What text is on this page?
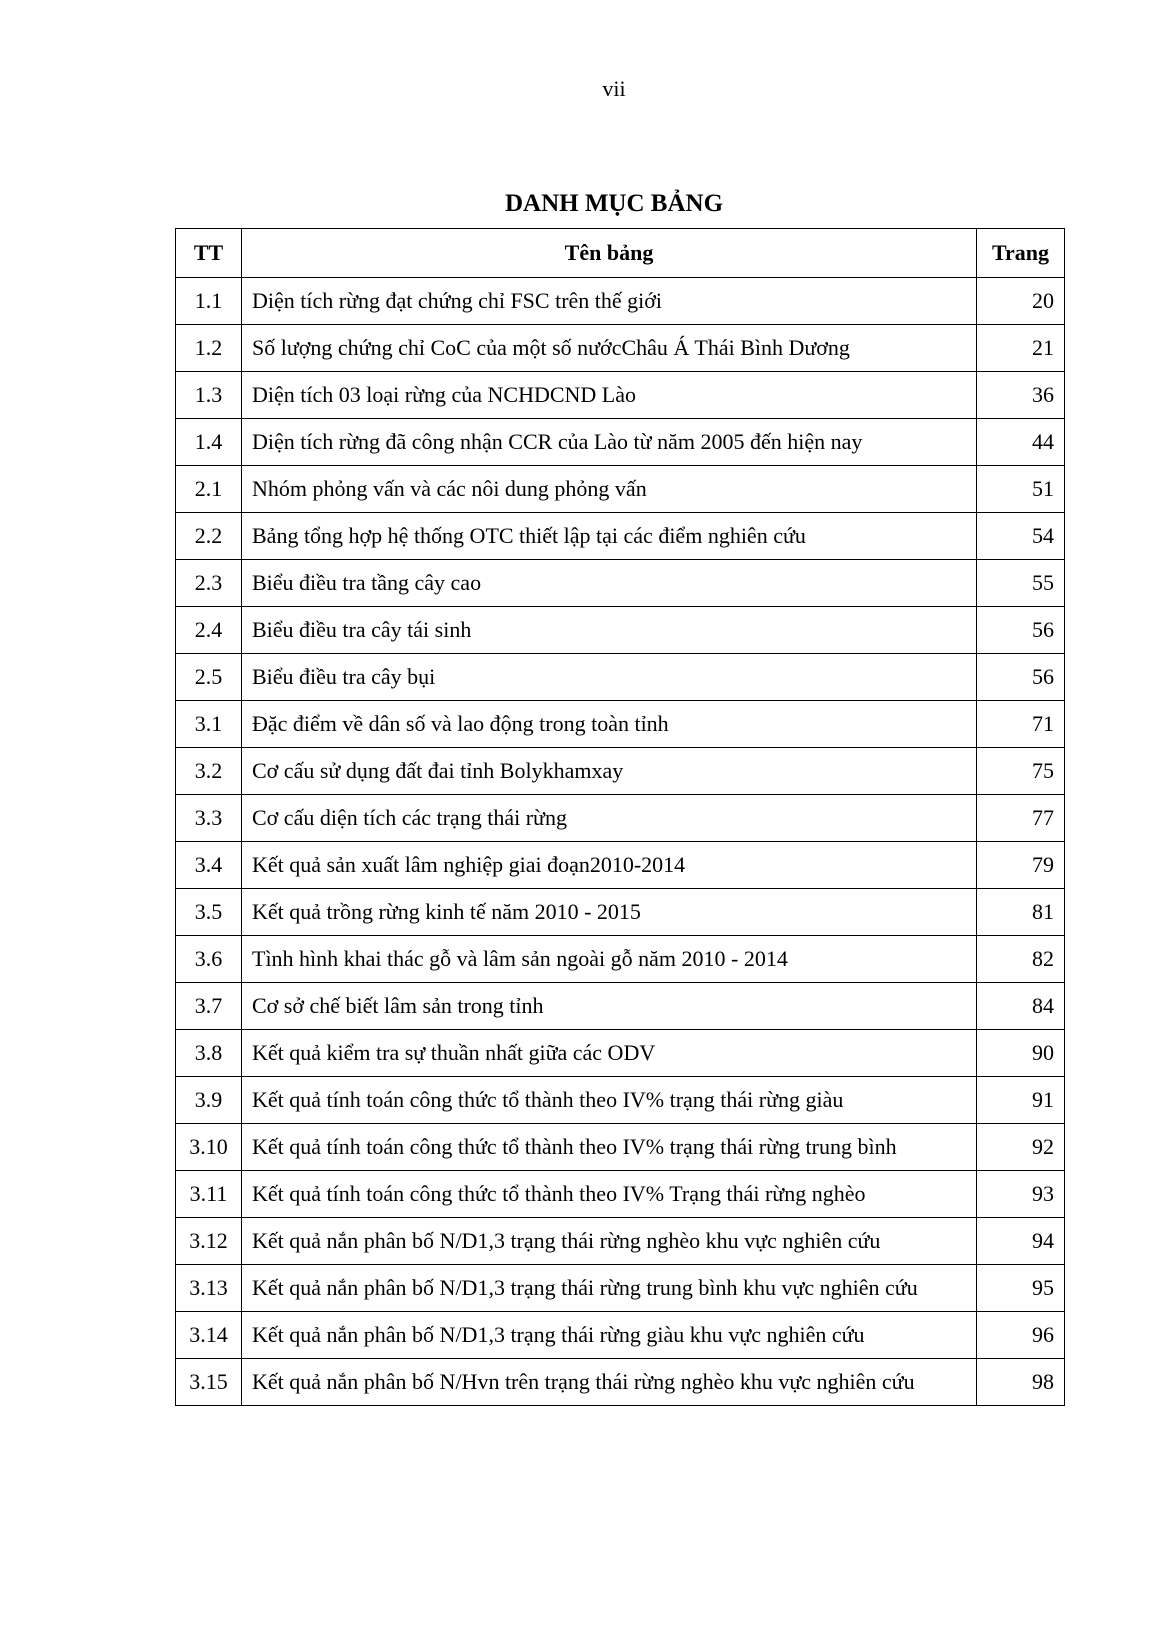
vii
DANH MỤC BẢNG
TT	Tên bảng	Trang
1.1	Diện tích rừng đạt chứng chỉ FSC trên thế giới	20
1.2	Số lượng chứng chỉ CoC của một số nướcChâu Á Thái Bình Dương	21
1.3	Diện tích 03 loại rừng của NCHDCND Lào	36
1.4	Diện tích rừng đã công nhận CCR của Lào từ năm 2005 đến hiện nay	44
2.1	Nhóm phỏng vấn và các nôi dung phỏng vấn	51
2.2	Bảng tổng hợp hệ thống OTC thiết lập tại các điểm nghiên cứu	54
2.3	Biểu điều tra tầng cây cao	55
2.4	Biểu điều tra cây tái sinh	56
2.5	Biểu điều tra cây bụi	56
3.1	Đặc điểm về dân số và lao động trong toàn tỉnh	71
3.2	Cơ cấu sử dụng đất đai tỉnh Bolykhamxay	75
3.3	Cơ cấu diện tích các trạng thái rừng	77
3.4	Kết quả sản xuất lâm nghiệp giai đoạn2010-2014	79
3.5	Kết quả trồng rừng kinh tế năm 2010 - 2015	81
3.6	Tình hình khai thác gỗ và lâm sản ngoài gỗ năm 2010 - 2014	82
3.7	Cơ sở chế biết lâm sản trong tỉnh	84
3.8	Kết quả kiểm tra sự thuần nhất giữa các ODV	90
3.9	Kết quả tính toán công thức tổ thành theo IV% trạng thái rừng giàu	91
3.10	Kết quả tính toán công thức tổ thành theo IV% trạng thái rừng trung bình	92
3.11	Kết quả tính toán công thức tổ thành theo IV% Trạng thái rừng nghèo	93
3.12	Kết quả nắn phân bố N/D1,3 trạng thái rừng nghèo khu vực nghiên cứu	94
3.13	Kết quả nắn phân bố N/D1,3 trạng thái rừng trung bình khu vực nghiên cứu	95
3.14	Kết quả nắn phân bố N/D1,3 trạng thái rừng giàu khu vực nghiên cứu	96
3.15	Kết quả nắn phân bố N/Hvn trên trạng thái rừng nghèo khu vực nghiên cứu	98
